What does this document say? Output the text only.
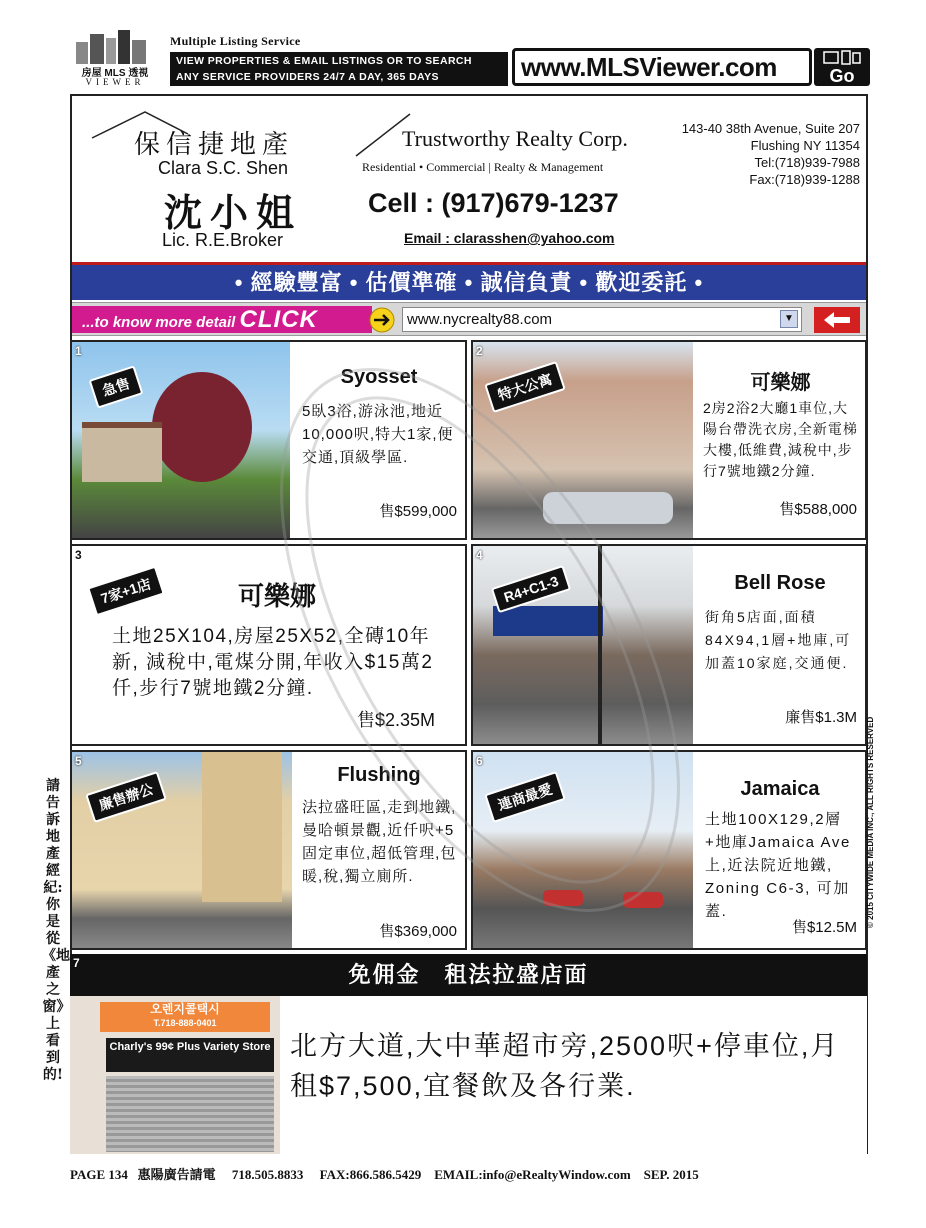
房屋 MLS 透視
VIEWER
Multiple Listing Service
VIEW PROPERTIES & EMAIL LISTINGS OR TO SEARCH
ANY SERVICE PROVIDERS 24/7 A DAY, 365 DAYS	www.MLSViewer.com	Go
保信捷地產
Clara S.C. Shen
沈小姐
Lic. R.E.Broker
Trustworthy Realty Corp.
Residential • Commercial | Realty & Management
Cell : (917)679-1237
Email : clarasshen@yahoo.com
143-40 38th Avenue, Suite 207
Flushing NY 11354
Tel:(718)939-7988
Fax:(718)939-1288
• 經驗豐富 • 估價準確 • 誠信負責 • 歡迎委託 •
...to know more detail CLICK	www.nycrealty88.com	▼
1
急售	Syosset
5臥3浴,游泳池,地近10,000呎,特大1家,便交通,頂級學區.
售$599,000
2
特大公寓	可樂娜
2房2浴2大廳1車位,大陽台帶洗衣房,全新電梯大樓,低維費,減稅中,步行7號地鐵2分鐘.
售$588,000
3
7家+1店	可樂娜
土地25X104,房屋25X52,全磚10年新, 減稅中,電煤分開,年收入$15萬2仟,步行7號地鐵2分鐘.
售$2.35M
4
R4+C1-3	Bell Rose
街角5店面,面積84X94,1層+地庫,可加蓋10家庭,交通便.
廉售$1.3M
5
廉售辦公
Flushing
法拉盛旺區,走到地鐵,曼哈頓景觀,近仟呎+5固定車位,超低管理,包暖,稅,獨立廁所.
售$369,000
6
連商最愛	Jamaica
土地100X129,2層+地庫Jamaica Ave上,近法院近地鐵, Zoning C6-3, 可加蓋.
售$12.5M
免佣金　租法拉盛店面
7
오렌지콜택시
T.718-888-0401
Charly's 99¢ Plus Variety Store 北方大道,大中華超市旁,2500呎+停車位,月租$7,500,宜餐飲及各行業.
請告訴地產經紀:你是從《地產之窗》上看到的!
© 2015 CITYWIDE MEDIA INC., ALL RIGHTS RESERVED
PAGE 134 惠陽廣告請電 718.505.8833 FAX:866.586.5429 EMAIL:info@eRealtyWindow.com SEP. 2015
